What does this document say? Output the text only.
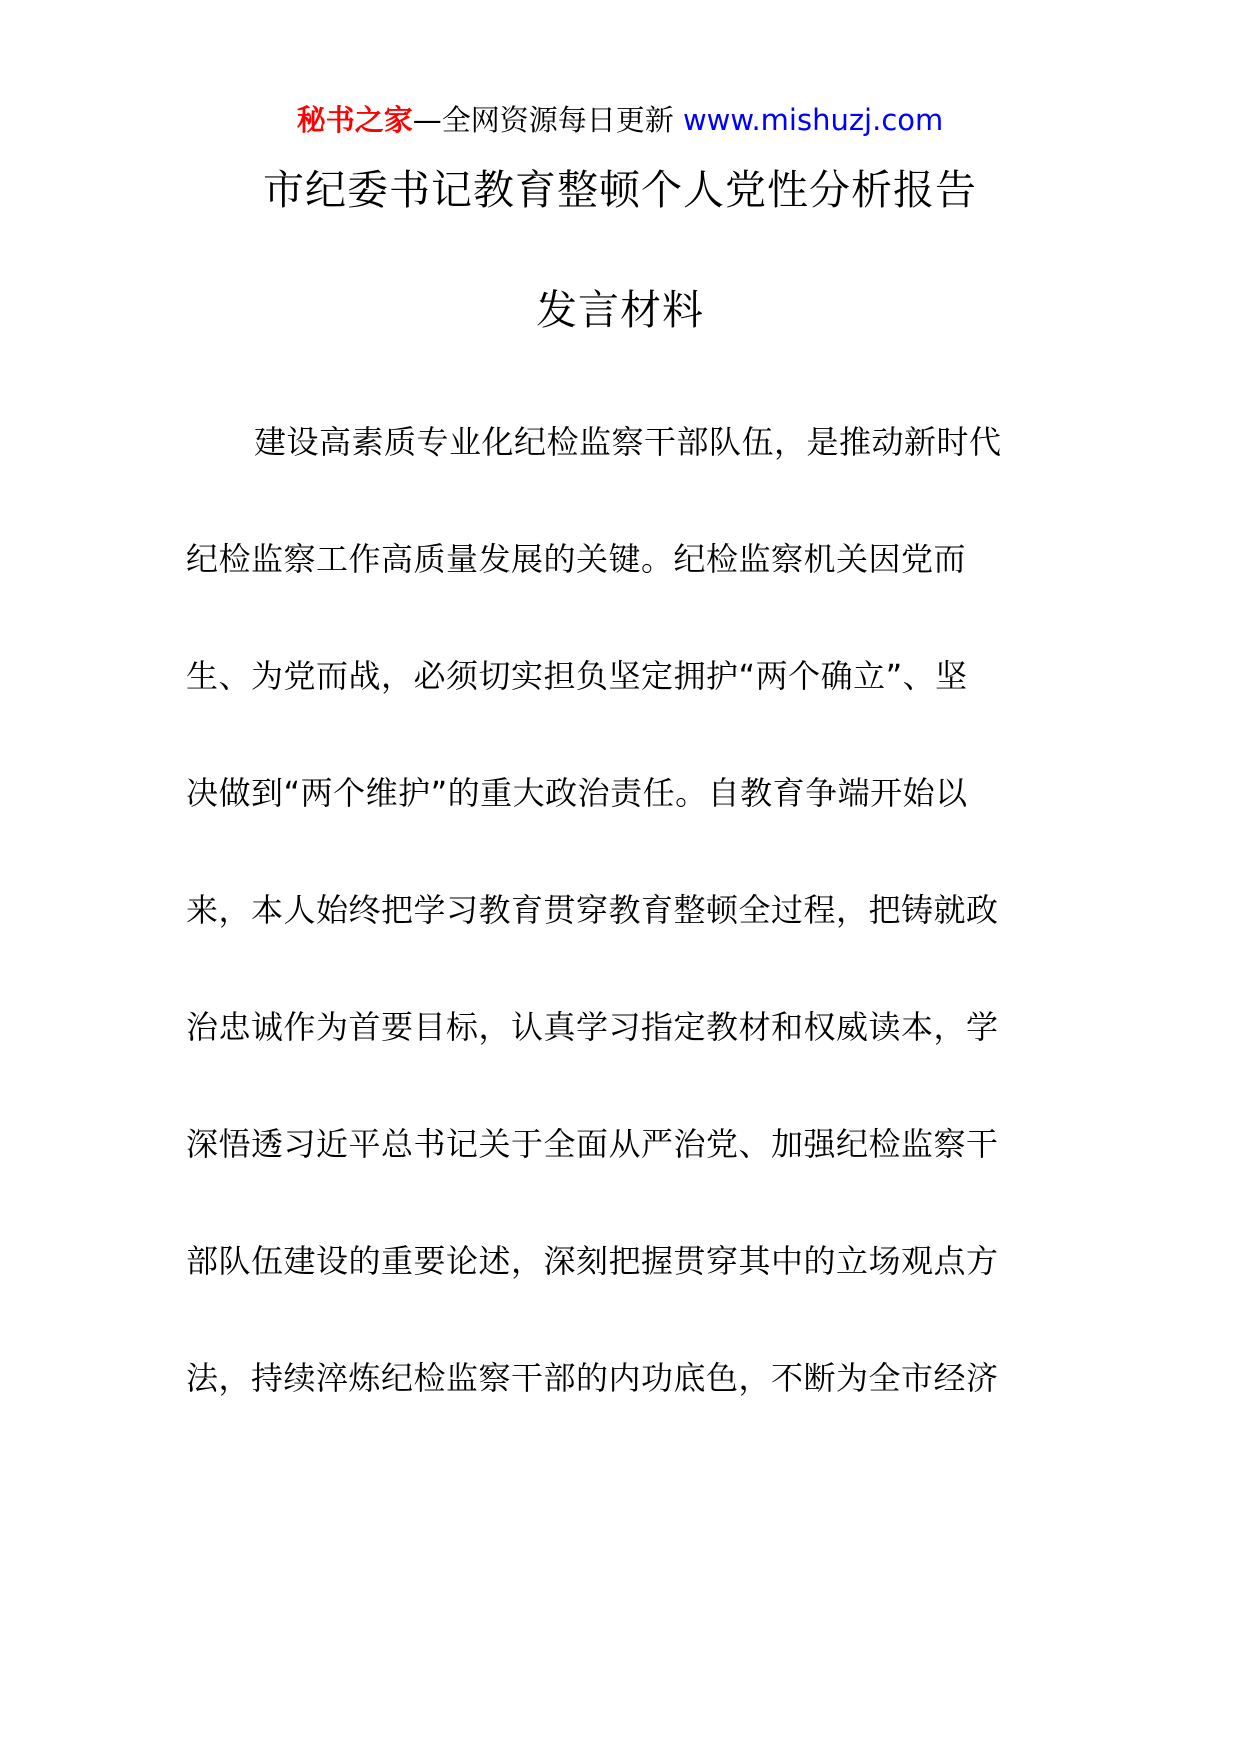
秘书之家—全网资源每日更新 www.mishuzj.com
市纪委书记教育整顿个人党性分析报告
发言材料
建设高素质专业化纪检监察干部队伍，是推动新时代
纪检监察工作高质量发展的关键。纪检监察机关因党而
生、为党而战，必须切实担负坚定拥护“两个确立”、坚
决做到“两个维护”的重大政治责任。自教育争端开始以
来，本人始终把学习教育贯穿教育整顿全过程，把铸就政
治忠诚作为首要目标，认真学习指定教材和权威读本，学
深悟透习近平总书记关于全面从严治党、加强纪检监察干
部队伍建设的重要论述，深刻把握贯穿其中的立场观点方
法，持续淬炼纪检监察干部的内功底色，不断为全市经济
